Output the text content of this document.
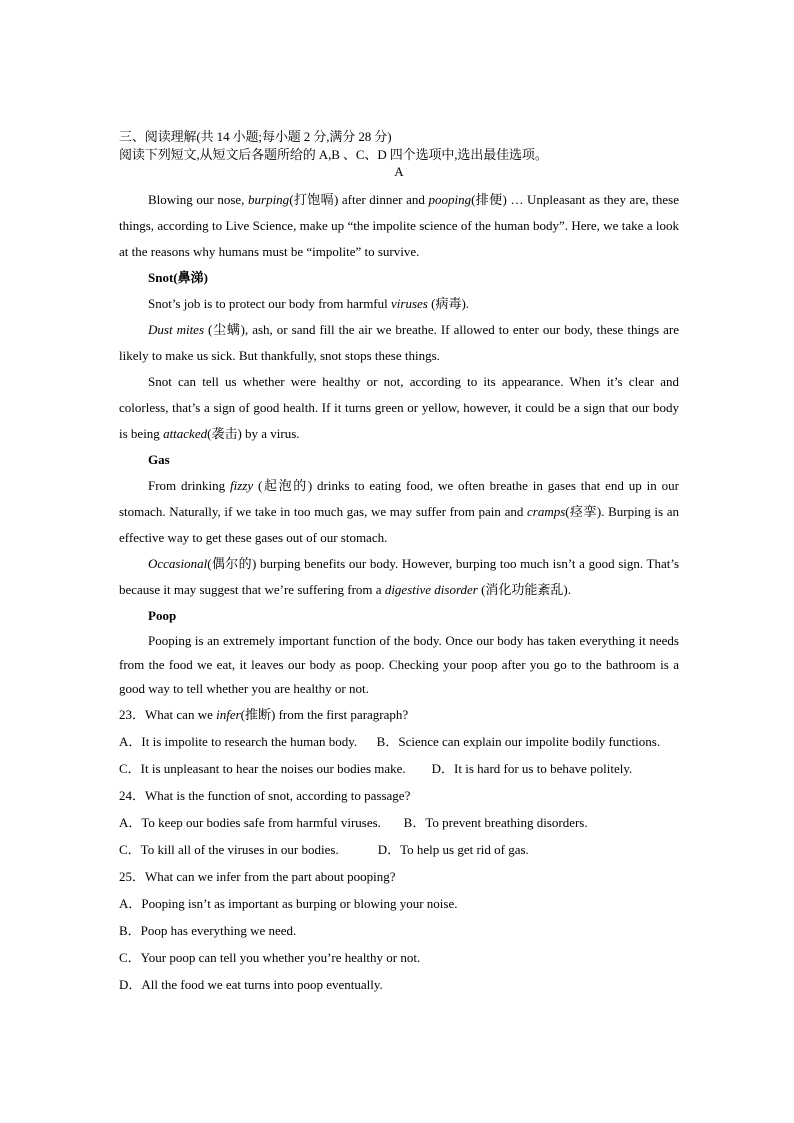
三、阅读理解(共 14 小题;每小题 2 分,满分 28 分)

阅读下列短文,从短文后各题所给的 A,B 、C、D 四个选项中,选出最佳选项。

A

Blowing our nose, burping(打饱嗝) after dinner and pooping(排便) … Unpleasant as they are, these things, according to Live Science, make up “the impolite science of the human body”. Here, we take a look at the reasons why humans must be “impolite” to survive.

Snot(鼻涕)

Snot’s job is to protect our body from harmful viruses (病毒).

Dust mites (尘螨), ash, or sand fill the air we breathe. If allowed to enter our body, these things are likely to make us sick. But thankfully, snot stops these things.

Snot can tell us whether were healthy or not, according to its appearance. When it’s clear and colorless, that’s a sign of good health. If it turns green or yellow, however, it could be a sign that our body is being attacked(袭击) by a virus.

Gas

From drinking fizzy (起泡的) drinks to eating food, we often breathe in gases that end up in our stomach. Naturally, if we take in too much gas, we may suffer from pain and cramps(痉挛). Burping is an effective way to get these gases out of our stomach.

Occasional(偶尔的) burping benefits our body. However, burping too much isn’t a good sign. That’s because it may suggest that we’re suffering from a digestive disorder (消化功能紊乱).

Poop

Pooping is an extremely important function of the body. Once our body has taken everything it needs from the food we eat, it leaves our body as poop. Checking your poop after you go to the bathroom is a good way to tell whether you are healthy or not.

23．What can we infer(推断) from the first paragraph?

A．It is impolite to research the human body. B．Science can explain our impolite bodily functions.

C．It is unpleasant to hear the noises our bodies make. D．It is hard for us to behave politely.

24．What is the function of snot, according to passage?

A．To keep our bodies safe from harmful viruses. B．To prevent breathing disorders.

C．To kill all of the viruses in our bodies.	D．To help us get rid of gas.

25．What can we infer from the part about pooping?

A．Pooping isn’t as important as burping or blowing your noise.

B．Poop has everything we need.

C．Your poop can tell you whether you’re healthy or not.

D．All the food we eat turns into poop eventually.
